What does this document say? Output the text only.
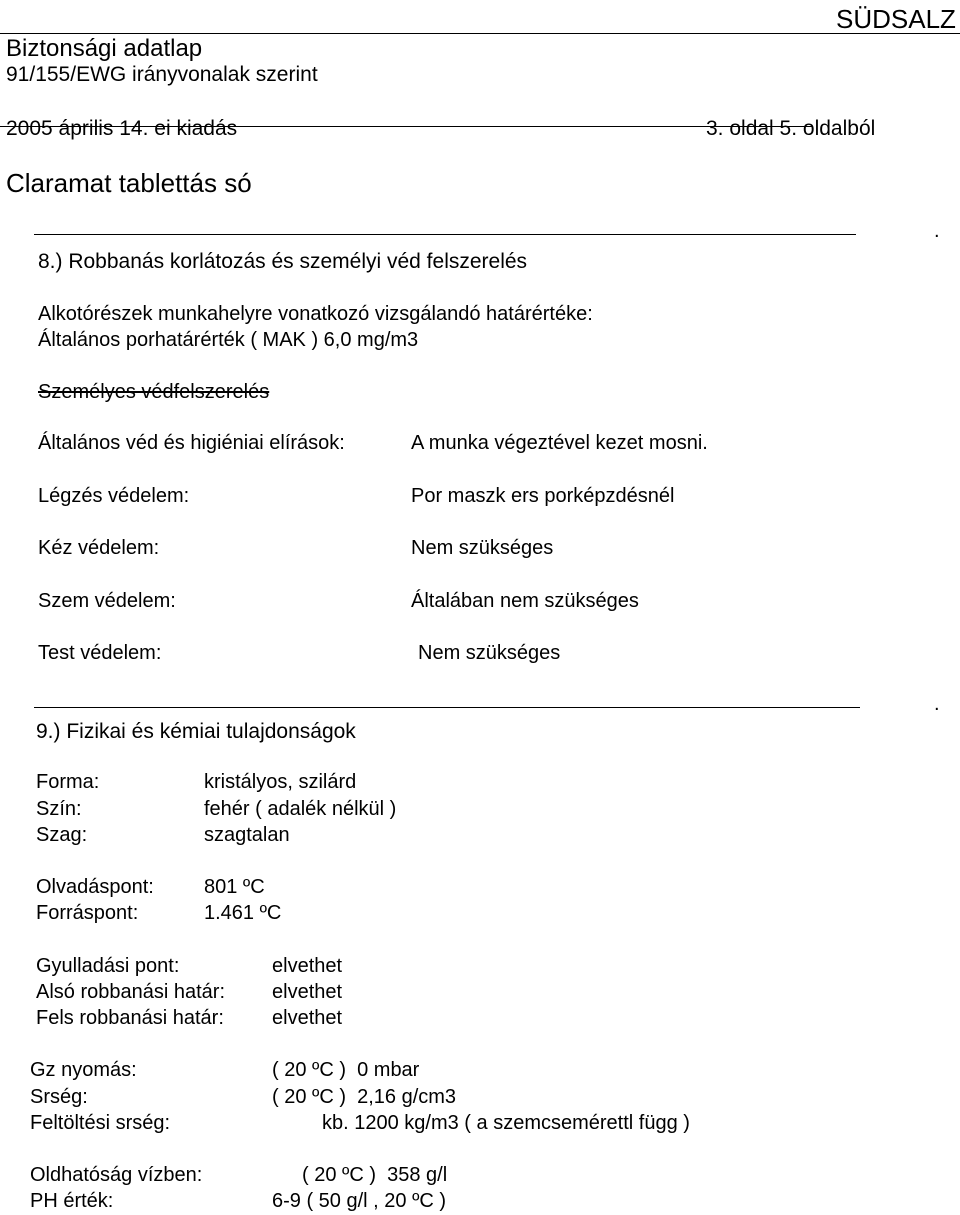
SÜDSALZ
Biztonsági adatlap
91/155/EWG irányvonalak szerint
2005 április 14. ei kiadás	3. oldal 5. oldalból
Claramat tablettás só
.
8.) Robbanás korlátozás és személyi véd felszerelés
Alkotórészek munkahelyre vonatkozó vizsgálandó határértéke:
Általános porhatárérték ( MAK ) 6,0 mg/m3
Személyes védfelszerelés
Általános véd és higiéniai elírások:	A munka végeztével kezet mosni.
Légzés védelem:	Por maszk ers porképzdésnél
Kéz védelem:	Nem szükséges
Szem védelem:	Általában nem szükséges
Test védelem:	Nem szükséges
.
9.) Fizikai és kémiai tulajdonságok
Forma:	kristályos, szilárd
Szín:	fehér ( adalék nélkül )
Szag:	szagtalan
Olvadáspont:	801 ºC
Forráspont:	1.461 ºC
Gyulladási pont:	elvethet
Alsó robbanási határ: elvethet
Fels robbanási határ: elvethet
Gz nyomás:	( 20 ºC )  0 mbar
Srség:	( 20 ºC )  2,16 g/cm3
Feltöltési srség:	kb. 1200 kg/m3 ( a szemcsemérettl függ )
Oldhatóság vízben:	( 20 ºC )  358 g/l
PH érték:	6-9 ( 50 g/l , 20 ºC )
